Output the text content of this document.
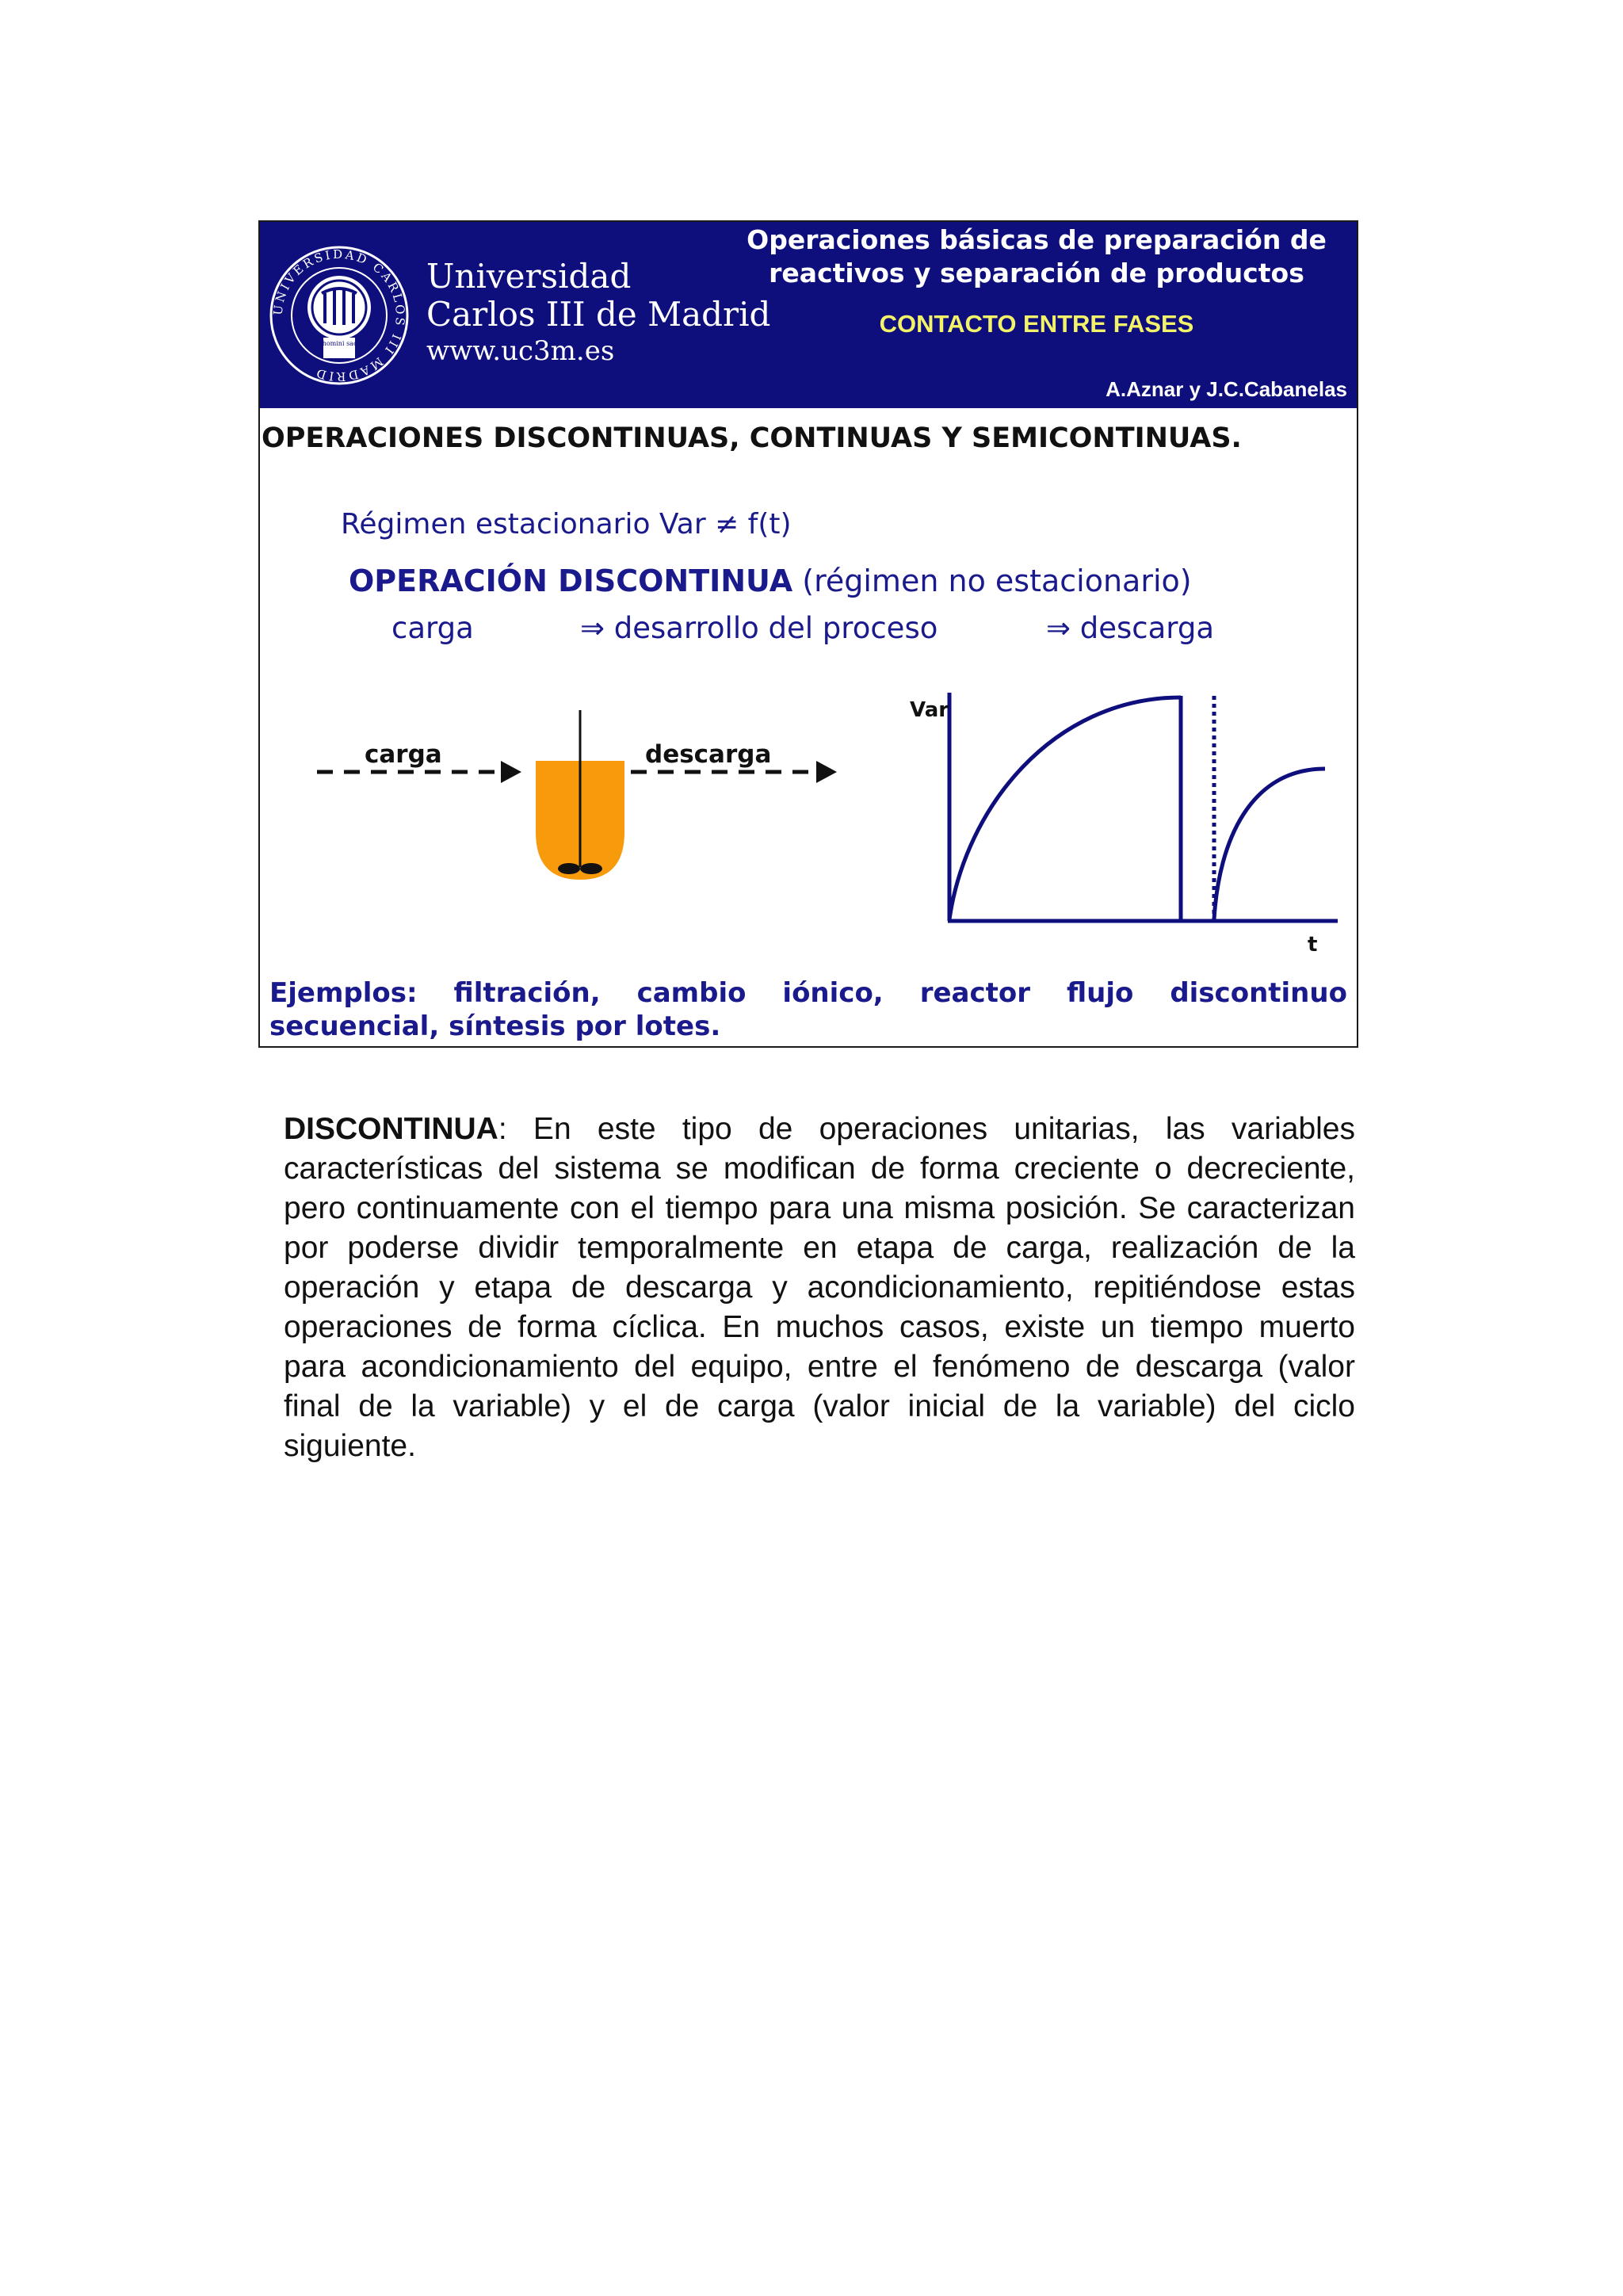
UNIVERSIDAD CARLOS III MADRID
homo homini sacra res
Universidad
Carlos III de Madrid
www.uc3m.es
Operaciones básicas de preparación de
reactivos y separación de productos
CONTACTO ENTRE FASES
A.Aznar y J.C.Cabanelas
OPERACIONES DISCONTINUAS, CONTINUAS Y SEMICONTINUAS.
Régimen estacionario Var ≠ f(t)
OPERACIÓN DISCONTINUA (régimen no estacionario)
carga	⇒ desarrollo del proceso	⇒ descarga
carga	descarga
Var
t
Ejemplos: filtración, cambio iónico, reactor flujo discontinuo
secuencial, síntesis por lotes.
DISCONTINUA: En este tipo de operaciones unitarias, las variables características del sistema se modifican de forma creciente o decreciente, pero continuamente con el tiempo para una misma posición. Se caracterizan por poderse dividir temporalmente en etapa de carga, realización de la operación y etapa de descarga y acondicionamiento, repitiéndose estas operaciones de forma cíclica. En muchos casos, existe un tiempo muerto para acondicionamiento del equipo, entre el fenómeno de descarga (valor final de la variable) y el de carga (valor inicial de la variable) del ciclo siguiente.
